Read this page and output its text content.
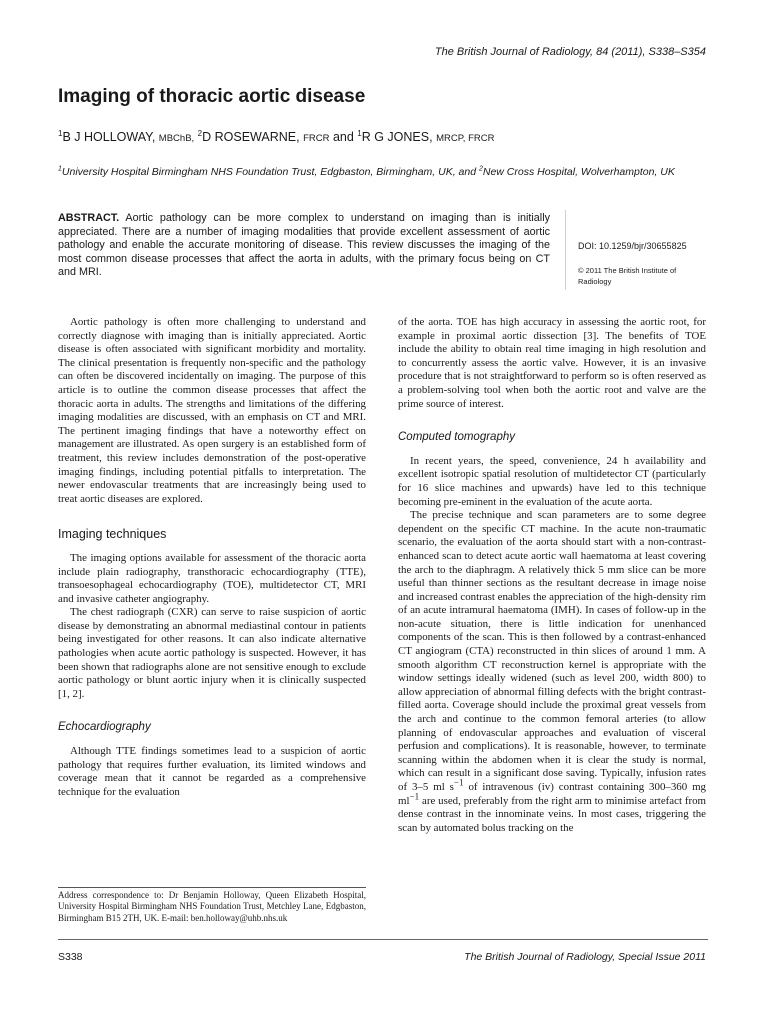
The British Journal of Radiology, 84 (2011), S338–S354
Imaging of thoracic aortic disease
$^1$B J HOLLOWAY, MBChB, $^2$D ROSEWARNE, FRCR and $^1$R G JONES, MRCP, FRCR
$^1$University Hospital Birmingham NHS Foundation Trust, Edgbaston, Birmingham, UK, and $^2$New Cross Hospital, Wolverhampton, UK
ABSTRACT. Aortic pathology can be more complex to understand on imaging than is initially appreciated. There are a number of imaging modalities that provide excellent assessment of aortic pathology and enable the accurate monitoring of disease. This review discusses the imaging of the most common disease processes that affect the aorta in adults, with the primary focus being on CT and MRI.
DOI: 10.1259/bjr/30655825
© 2011 The British Institute of Radiology

Aortic pathology is often more challenging to understand and correctly diagnose with imaging than is initially appreciated. Aortic disease is often associated with significant morbidity and mortality. The clinical presentation is frequently non-specific and the pathology can often be discovered incidentally on imaging. The purpose of this article is to outline the common disease processes that affect the thoracic aorta in adults. The strengths and limitations of the differing imaging modalities are discussed, with an emphasis on CT and MRI. The pertinent imaging findings that have a noteworthy effect on management are illustrated. As open surgery is an established form of treatment, this review includes demonstration of the post-operative imaging findings, including potential pitfalls to interpretation. The newer endovascular treatments that are increasingly being used to treat aortic diseases are explored.

Imaging techniques

The imaging options available for assessment of the thoracic aorta include plain radiography, transthoracic echocardiography (TTE), transoesophageal echocardiography (TOE), multidetector CT, MRI and invasive catheter angiography.

The chest radiograph (CXR) can serve to raise suspicion of aortic disease by demonstrating an abnormal mediastinal contour in patients being investigated for other reasons. It can also indicate alternative pathologies when acute aortic pathology is suspected. However, it has been shown that radiographs alone are not sensitive enough to exclude aortic pathology or blunt aortic injury when it is clinically suspected [1, 2].

Echocardiography

Although TTE findings sometimes lead to a suspicion of aortic pathology that requires further evaluation, its limited windows and coverage mean that it cannot be regarded as a comprehensive technique for the evaluation

Address correspondence to: Dr Benjamin Holloway, Queen Elizabeth Hospital, University Hospital Birmingham NHS Foundation Trust, Metchley Lane, Edgbaston, Birmingham B15 2TH, UK. E-mail: ben.holloway@uhb.nhs.uk

of the aorta. TOE has high accuracy in assessing the aortic root, for example in proximal aortic dissection [3]. The benefits of TOE include the ability to obtain real time imaging in high resolution and to concurrently assess the aortic valve. However, it is an invasive procedure that is not straightforward to perform so is often reserved as a problem-solving tool when both the aortic root and valve are the prime source of interest.

Computed tomography

In recent years, the speed, convenience, 24 h availability and excellent isotropic spatial resolution of multidetector CT (particularly for 16 slice machines and upwards) have led to this technique becoming pre-eminent in the evaluation of the acute aorta.

The precise technique and scan parameters are to some degree dependent on the specific CT machine. In the acute non-traumatic scenario, the evaluation of the aorta should start with a non-contrast-enhanced scan to detect acute aortic wall haematoma at least covering the arch to the diaphragm. A relatively thick 5 mm slice can be more useful than thinner sections as the resultant decrease in image noise and increased contrast enables the appreciation of the high-density rim of an acute intramural haematoma (IMH). In cases of follow-up in the non-acute situation, there is little indication for unenhanced components of the scan. This is then followed by a contrast-enhanced CT angiogram (CTA) reconstructed in thin slices of around 1 mm. A smooth algorithm CT reconstruction kernel is appropriate with the window settings ideally widened (such as level 200, width 800) to allow appreciation of abnormal filling defects with the bright contrast-filled aorta. Coverage should include the proximal great vessels from the arch and continue to the common femoral arteries (to allow planning of endovascular approaches and evaluation of visceral perfusion and complications). It is reasonable, however, to terminate scanning within the abdomen when it is clear the study is normal, which can result in a significant dose saving. Typically, infusion rates of 3–5 ml $s^{-1}$ of intravenous (iv) contrast containing 300–360 mg $ml^{-1}$ are used, preferably from the right arm to minimise artefact from dense contrast in the innominate veins. In most cases, triggering the scan by automated bolus tracking on the

S338	The British Journal of Radiology, Special Issue 2011
